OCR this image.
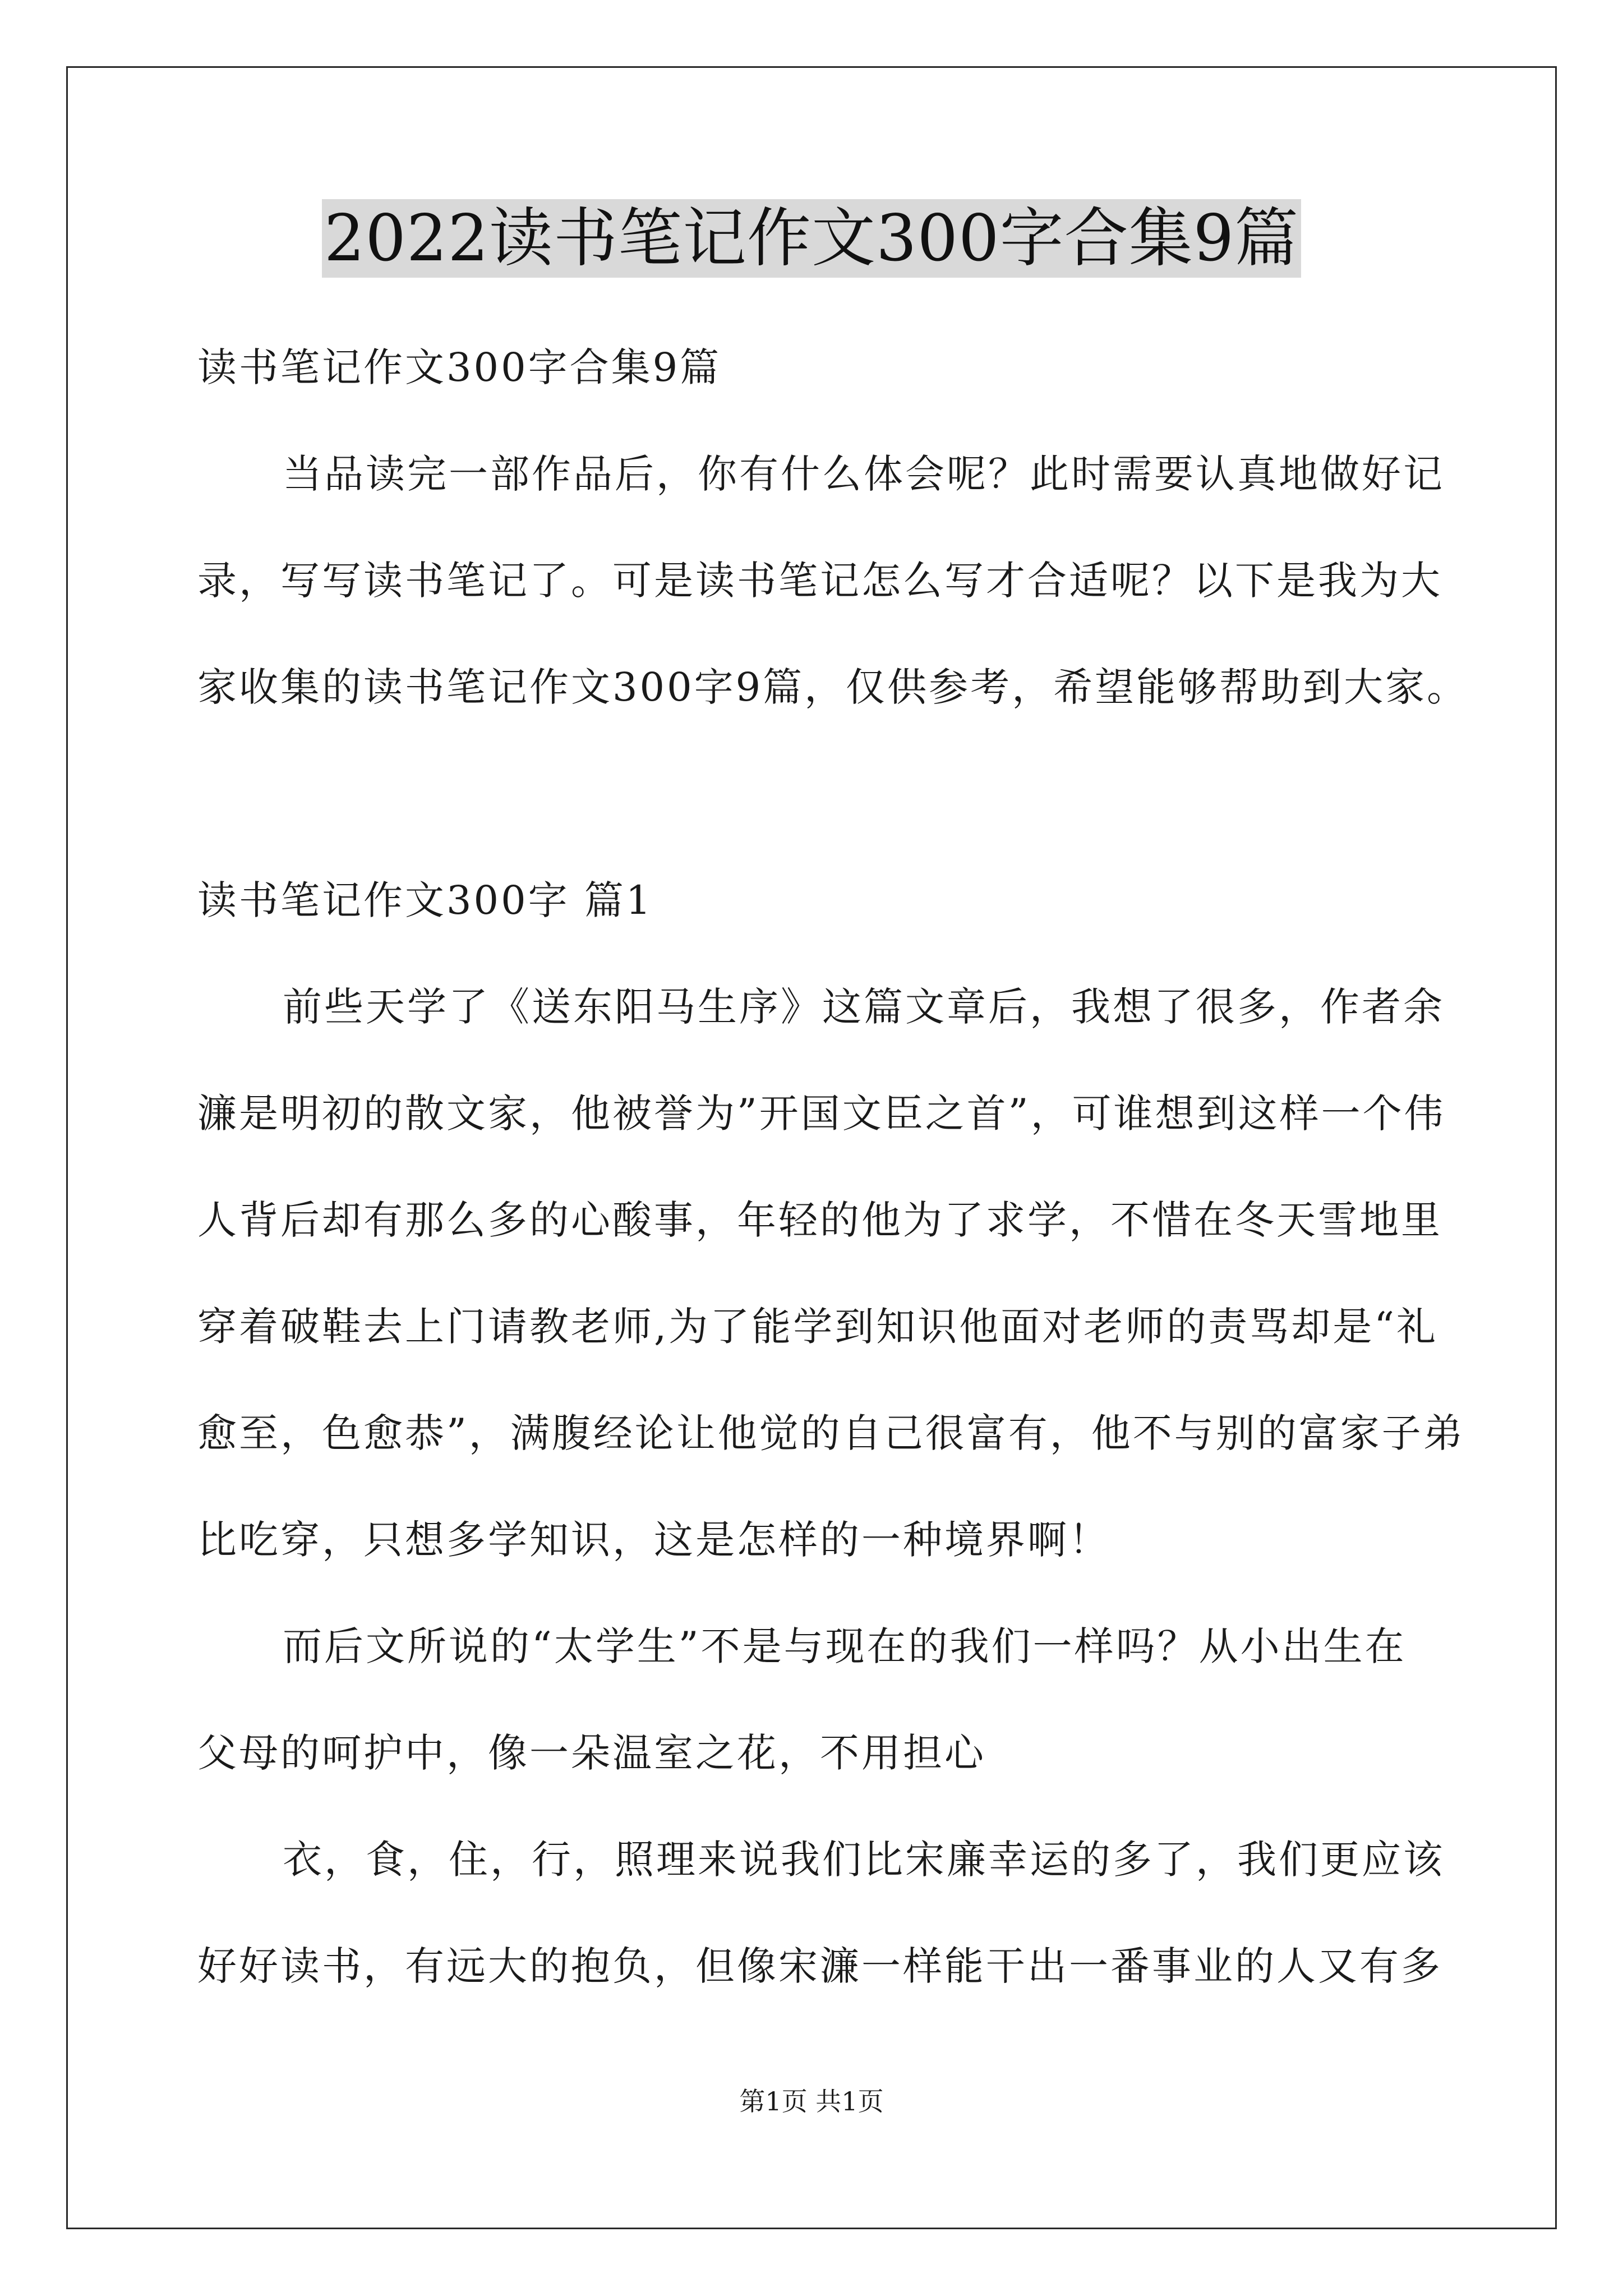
2022读书笔记作文300字合集9篇
读书笔记作文300字合集9篇
当品读完一部作品后，你有什么体会呢？此时需要认真地做好记
录，写写读书笔记了。可是读书笔记怎么写才合适呢？以下是我为大
家收集的读书笔记作文300字9篇，仅供参考，希望能够帮助到大家。
读书笔记作文300字 篇1
前些天学了《送东阳马生序》这篇文章后，我想了很多，作者余
濂是明初的散文家，他被誉为”开国文臣之首”，可谁想到这样一个伟
人背后却有那么多的心酸事，年轻的他为了求学，不惜在冬天雪地里
穿着破鞋去上门请教老师,为了能学到知识他面对老师的责骂却是“礼
愈至，色愈恭”，满腹经论让他觉的自己很富有，他不与别的富家子弟
比吃穿，只想多学知识，这是怎样的一种境界啊！
而后文所说的“太学生”不是与现在的我们一样吗？从小出生在
父母的呵护中，像一朵温室之花，不用担心
衣，食，住，行，照理来说我们比宋廉幸运的多了，我们更应该
好好读书，有远大的抱负，但像宋濂一样能干出一番事业的人又有多
第1页 共1页
